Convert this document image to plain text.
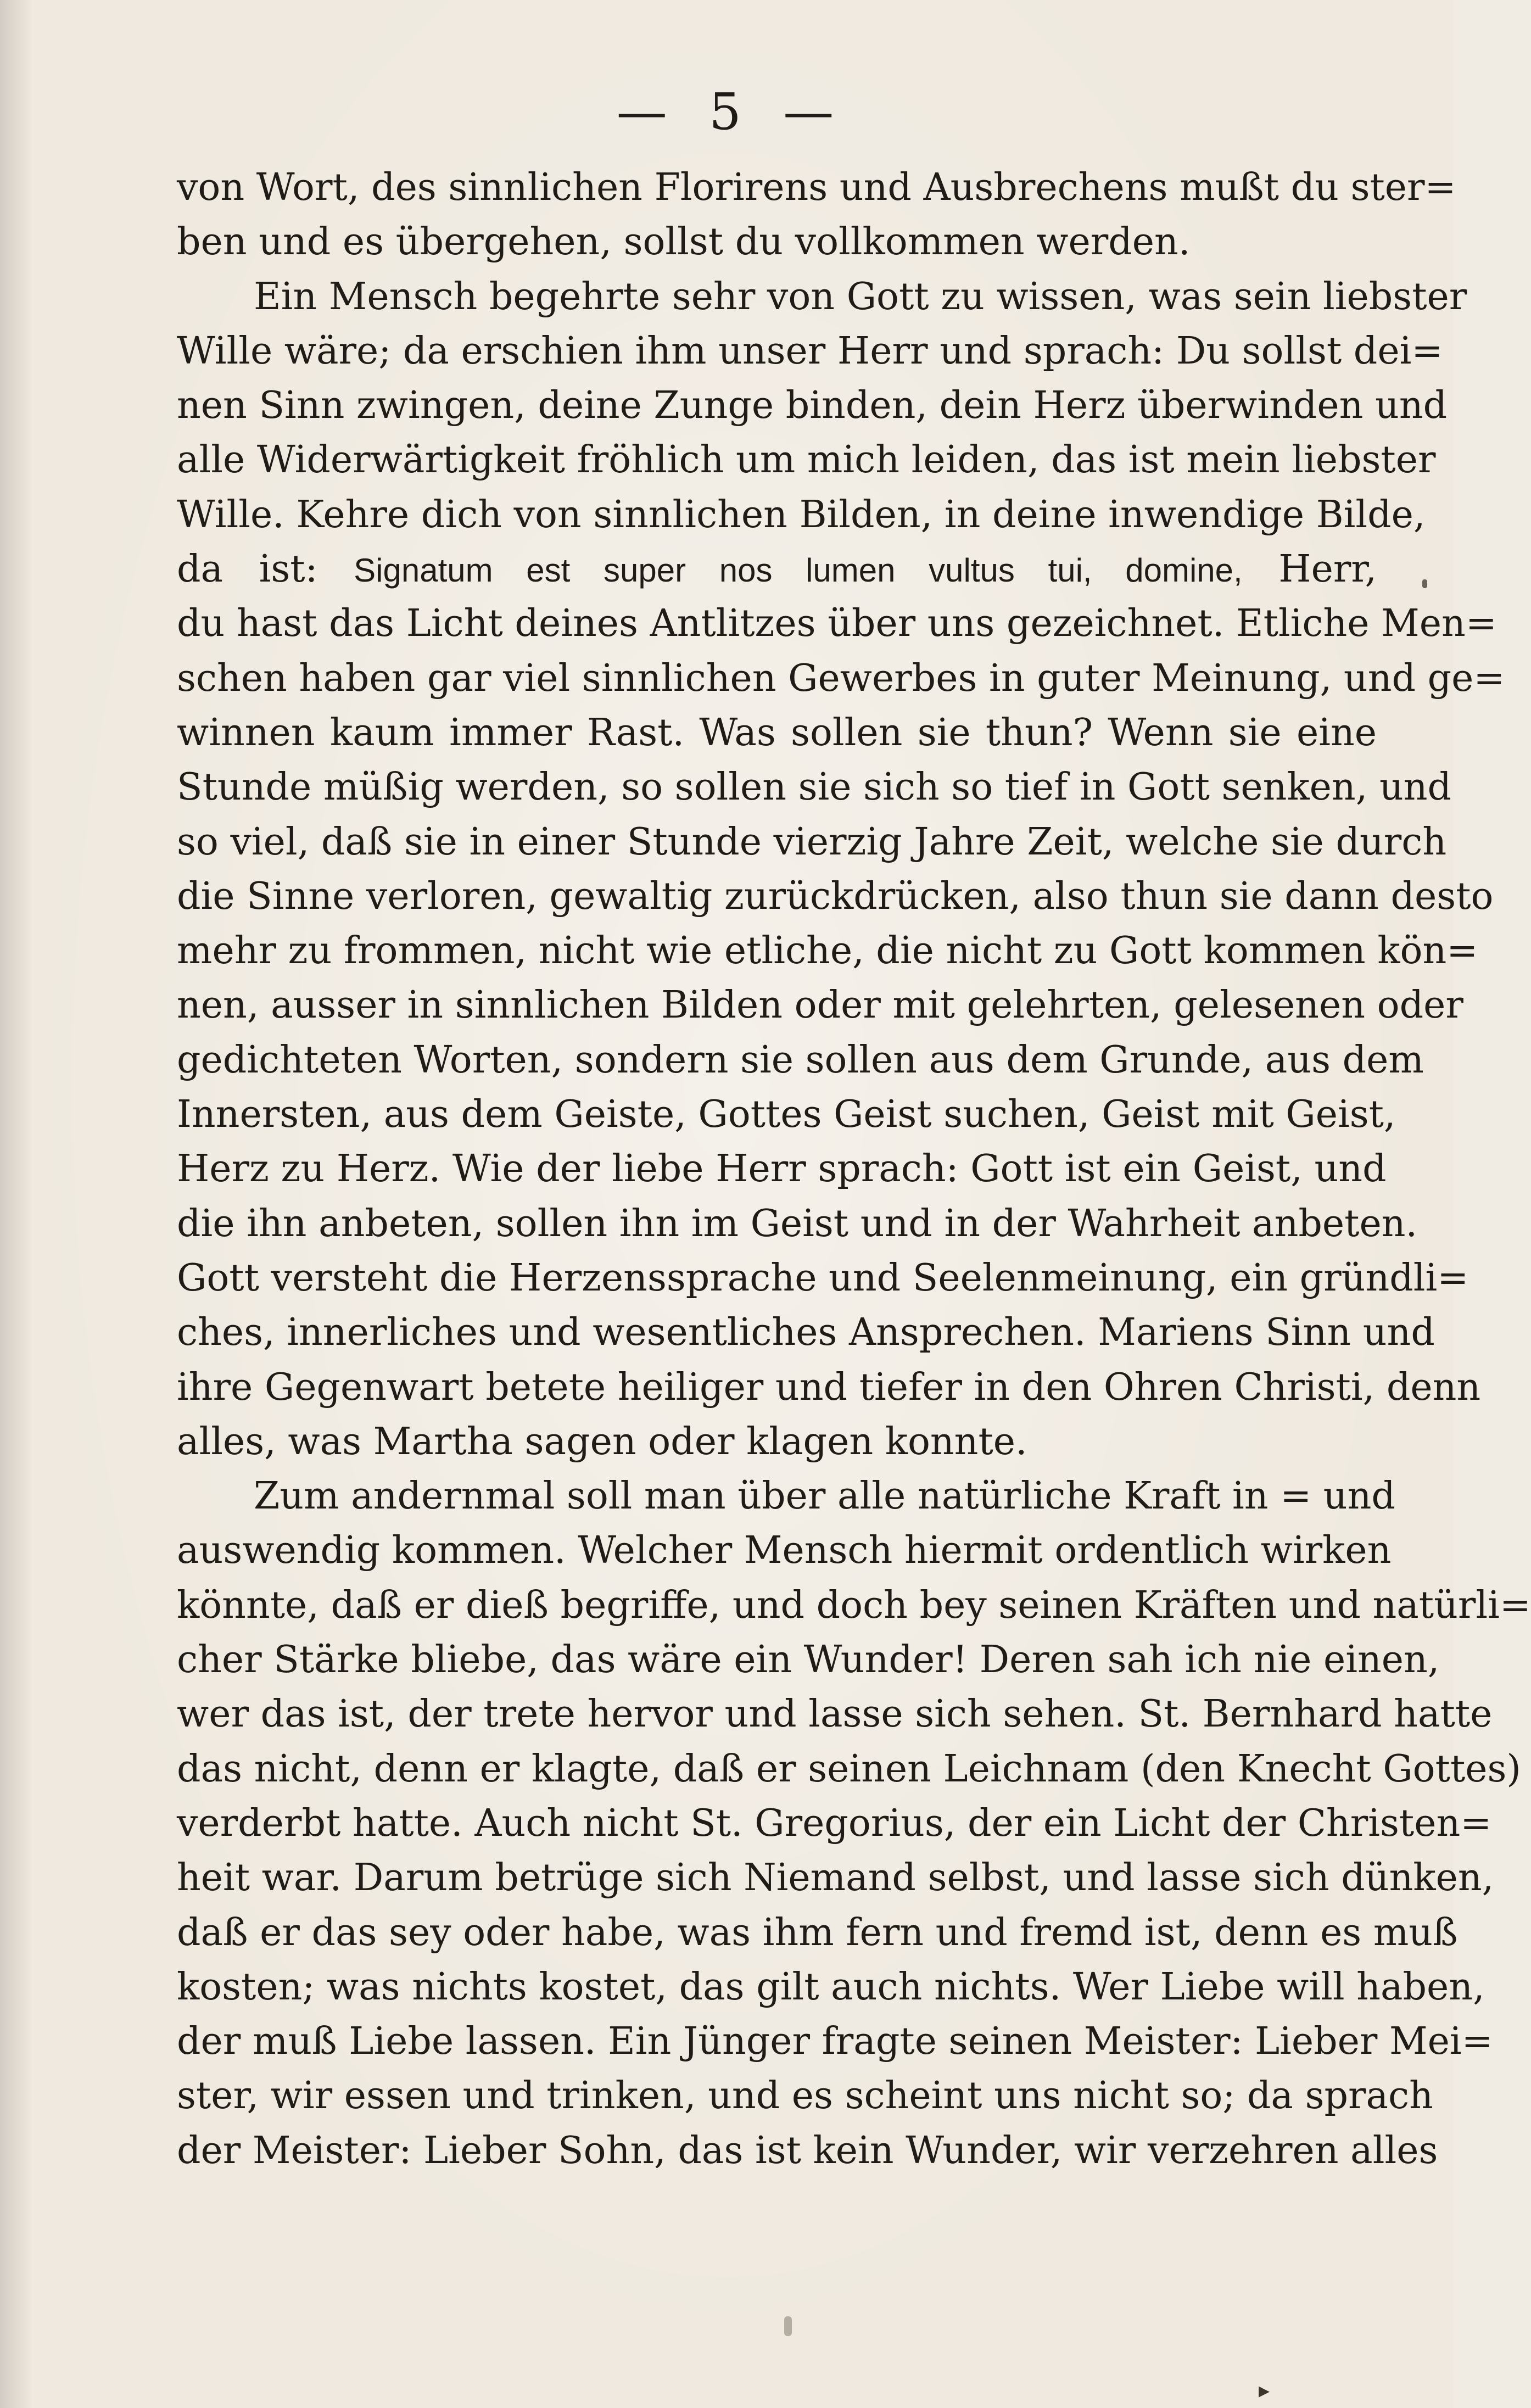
—  5  —
von Wort, des sinnlichen Florirens und Ausbrechens mußt du ster=
ben und es übergehen, sollst du vollkommen werden.
Ein Mensch begehrte sehr von Gott zu wissen, was sein liebster
Wille wäre; da erschien ihm unser Herr und sprach: Du sollst dei=
nen Sinn zwingen, deine Zunge binden, dein Herz überwinden und
alle Widerwärtigkeit fröhlich um mich leiden, das ist mein liebster
Wille. Kehre dich von sinnlichen Bilden, in deine inwendige Bilde,
da ist: Signatum est super nos lumen vultus tui, domine, Herr,
du hast das Licht deines Antlitzes über uns gezeichnet. Etliche Men=
schen haben gar viel sinnlichen Gewerbes in guter Meinung, und ge=
winnen kaum immer Rast. Was sollen sie thun? Wenn sie eine
Stunde müßig werden, so sollen sie sich so tief in Gott senken, und
so viel, daß sie in einer Stunde vierzig Jahre Zeit, welche sie durch
die Sinne verloren, gewaltig zurückdrücken, also thun sie dann desto
mehr zu frommen, nicht wie etliche, die nicht zu Gott kommen kön=
nen, ausser in sinnlichen Bilden oder mit gelehrten, gelesenen oder
gedichteten Worten, sondern sie sollen aus dem Grunde, aus dem
Innersten, aus dem Geiste, Gottes Geist suchen, Geist mit Geist,
Herz zu Herz. Wie der liebe Herr sprach: Gott ist ein Geist, und
die ihn anbeten, sollen ihn im Geist und in der Wahrheit anbeten.
Gott versteht die Herzenssprache und Seelenmeinung, ein gründli=
ches, innerliches und wesentliches Ansprechen. Mariens Sinn und
ihre Gegenwart betete heiliger und tiefer in den Ohren Christi, denn
alles, was Martha sagen oder klagen konnte.
Zum andernmal soll man über alle natürliche Kraft in = und
auswendig kommen. Welcher Mensch hiermit ordentlich wirken
könnte, daß er dieß begriffe, und doch bey seinen Kräften und natürli=
cher Stärke bliebe, das wäre ein Wunder! Deren sah ich nie einen,
wer das ist, der trete hervor und lasse sich sehen. St. Bernhard hatte
das nicht, denn er klagte, daß er seinen Leichnam (den Knecht Gottes)
verderbt hatte. Auch nicht St. Gregorius, der ein Licht der Christen=
heit war. Darum betrüge sich Niemand selbst, und lasse sich dünken,
daß er das sey oder habe, was ihm fern und fremd ist, denn es muß
kosten; was nichts kostet, das gilt auch nichts. Wer Liebe will haben,
der muß Liebe lassen. Ein Jünger fragte seinen Meister: Lieber Mei=
ster, wir essen und trinken, und es scheint uns nicht so; da sprach
der Meister: Lieber Sohn, das ist kein Wunder, wir verzehren alles
▸
